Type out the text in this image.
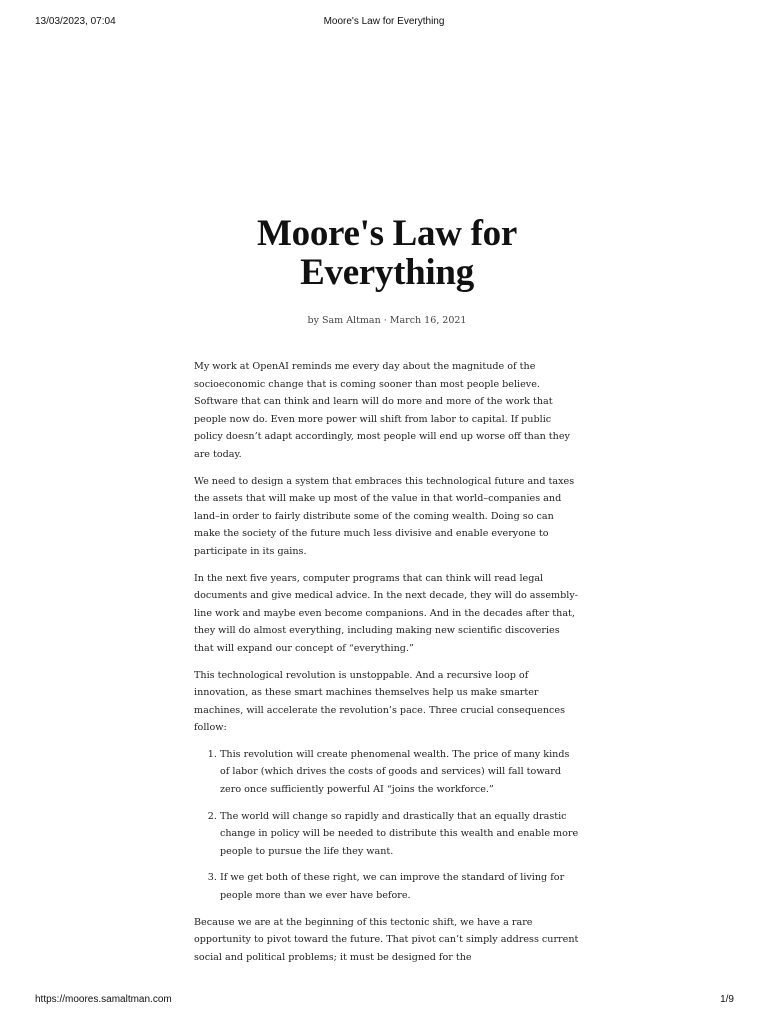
13/03/2023, 07:04	Moore's Law for Everything
Moore's Law for Everything
by Sam Altman · March 16, 2021

My work at OpenAI reminds me every day about the magnitude of the socioeconomic change that is coming sooner than most people believe. Software that can think and learn will do more and more of the work that people now do. Even more power will shift from labor to capital. If public policy doesn’t adapt accordingly, most people will end up worse off than they are today.

We need to design a system that embraces this technological future and taxes the assets that will make up most of the value in that world–companies and land–in order to fairly distribute some of the coming wealth. Doing so can make the society of the future much less divisive and enable everyone to participate in its gains.

In the next five years, computer programs that can think will read legal documents and give medical advice. In the next decade, they will do assembly-line work and maybe even become companions. And in the decades after that, they will do almost everything, including making new scientific discoveries that will expand our concept of “everything.”

This technological revolution is unstoppable. And a recursive loop of innovation, as these smart machines themselves help us make smarter machines, will accelerate the revolution’s pace. Three crucial consequences follow:

1. This revolution will create phenomenal wealth. The price of many kinds of labor (which drives the costs of goods and services) will fall toward zero once sufficiently powerful AI “joins the workforce.”
2. The world will change so rapidly and drastically that an equally drastic change in policy will be needed to distribute this wealth and enable more people to pursue the life they want.
3. If we get both of these right, we can improve the standard of living for people more than we ever have before.

Because we are at the beginning of this tectonic shift, we have a rare opportunity to pivot toward the future. That pivot can’t simply address current social and political problems; it must be designed for the

https://moores.samaltman.com	1/9
